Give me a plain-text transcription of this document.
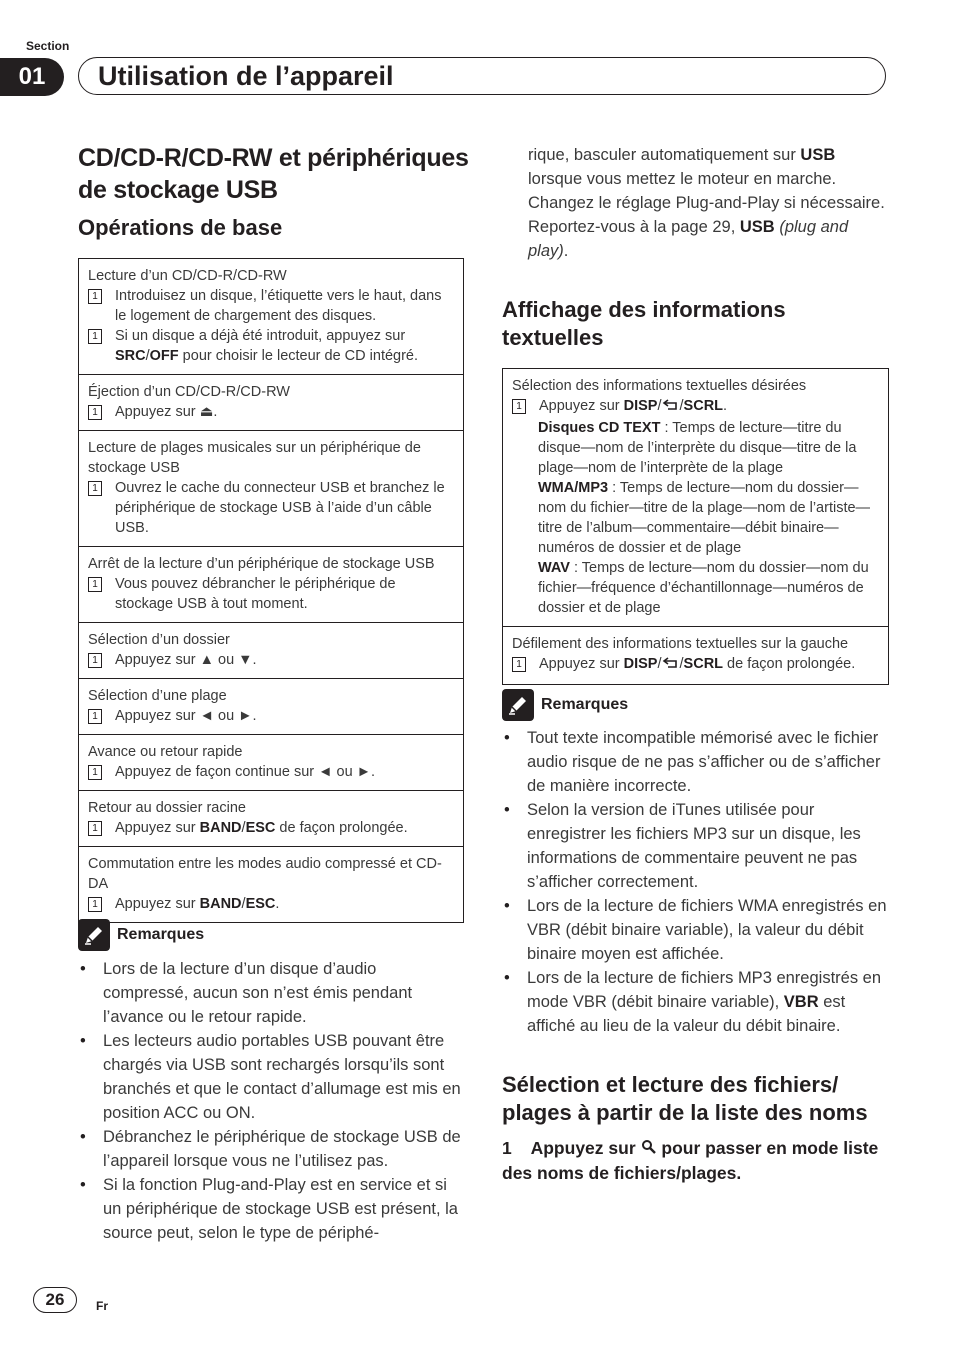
Section
01	Utilisation de l’appareil
CD/CD-R/CD-RW et périphériques de stockage USB
Opérations de base
Lecture d’un CD/CD-R/CD-RW
1 Introduisez un disque, l’étiquette vers le haut, dans le logement de chargement des disques.
1 Si un disque a déjà été introduit, appuyez sur SRC/OFF pour choisir le lecteur de CD intégré.
Éjection d’un CD/CD-R/CD-RW
1 Appuyez sur ⏏.
Lecture de plages musicales sur un périphérique de stockage USB
1 Ouvrez le cache du connecteur USB et branchez le périphérique de stockage USB à l’aide d’un câble USB.
Arrêt de la lecture d’un périphérique de stockage USB
1 Vous pouvez débrancher le périphérique de stockage USB à tout moment.
Sélection d’un dossier
1 Appuyez sur ▲ ou ▼.
Sélection d’une plage
1 Appuyez sur ◄ ou ►.
Avance ou retour rapide
1 Appuyez de façon continue sur ◄ ou ►.
Retour au dossier racine
1 Appuyez sur BAND/ESC de façon prolongée.
Commutation entre les modes audio compressé et CD-DA
1 Appuyez sur BAND/ESC.
Remarques
• Lors de la lecture d’un disque d’audio compressé, aucun son n’est émis pendant l’avance ou le retour rapide.
• Les lecteurs audio portables USB pouvant être chargés via USB sont rechargés lorsqu’ils sont branchés et que le contact d’allumage est mis en position ACC ou ON.
• Débranchez le périphérique de stockage USB de l’appareil lorsque vous ne l’utilisez pas.
• Si la fonction Plug-and-Play est en service et si un périphérique de stockage USB est présent, la source peut, selon le type de périphé-
rique, basculer automatiquement sur USB lorsque vous mettez le moteur en marche. Changez le réglage Plug-and-Play si nécessaire. Reportez-vous à la page 29, USB (plug and play).
Affichage des informations textuelles
Sélection des informations textuelles désirées
1 Appuyez sur DISP/ /SCRL.
Disques CD TEXT : Temps de lecture—titre du disque—nom de l’interprète du disque—titre de la plage—nom de l’interprète de la plage
WMA/MP3 : Temps de lecture—nom du dossier—nom du fichier—titre de la plage—nom de l’artiste—titre de l’album—commentaire—débit binaire—numéros de dossier et de plage
WAV : Temps de lecture—nom du dossier—nom du fichier—fréquence d’échantillonnage—numéros de dossier et de plage
Défilement des informations textuelles sur la gauche
1 Appuyez sur DISP/ /SCRL de façon prolongée.
Remarques
• Tout texte incompatible mémorisé avec le fichier audio risque de ne pas s’afficher ou de s’afficher de manière incorrecte.
• Selon la version de iTunes utilisée pour enregistrer les fichiers MP3 sur un disque, les informations de commentaire peuvent ne pas s’afficher correctement.
• Lors de la lecture de fichiers WMA enregistrés en VBR (débit binaire variable), la valeur du débit binaire moyen est affichée.
• Lors de la lecture de fichiers MP3 enregistrés en mode VBR (débit binaire variable), VBR est affiché au lieu de la valeur du débit binaire.
Sélection et lecture des fichiers/ plages à partir de la liste des noms
1 Appuyez sur pour passer en mode liste des noms de fichiers/plages.
26	Fr
